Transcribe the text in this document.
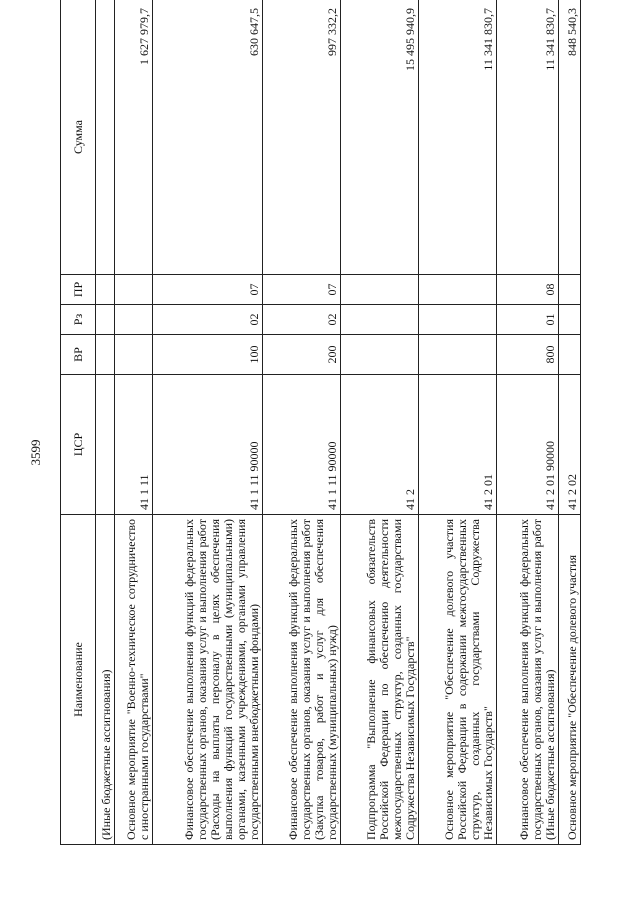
3599
Наименование	ЦСР	ВР	Рз	ПР	Сумма
(Иные бюджетные ассигнования)					
Основное мероприятие "Военно-техническое сотрудничество с иностранными государствами"	41 1 11				1 627 979,7
Финансовое обеспечение выполнения функций федеральных государственных органов, оказания услуг и выполнения работ (Расходы на выплаты персоналу в целях обеспечения выполнения функций государственными (муниципальными) органами, казенными учреждениями, органами управления государственными внебюджетными фондами)	41 1 11 90000	100	02	07	630 647,5
Финансовое обеспечение выполнения функций федеральных государственных органов, оказания услуг и выполнения работ (Закупка товаров, работ и услуг для обеспечения государственных (муниципальных) нужд)	41 1 11 90000	200	02	07	997 332,2
Подпрограмма "Выполнение финансовых обязательств Российской Федерации по обеспечению деятельности межгосударственных структур, созданных государствами Содружества Независимых Государств"	41 2				15 495 940,9
Основное мероприятие "Обеспечение долевого участия Российской Федерации в содержании межгосударственных структур, созданных государствами Содружества Независимых Государств"	41 2 01				11 341 830,7
Финансовое обеспечение выполнения функций федеральных государственных органов, оказания услуг и выполнения работ (Иные бюджетные ассигнования)	41 2 01 90000	800	01	08	11 341 830,7
Основное мероприятие "Обеспечение долевого участия	41 2 02				848 540,3
